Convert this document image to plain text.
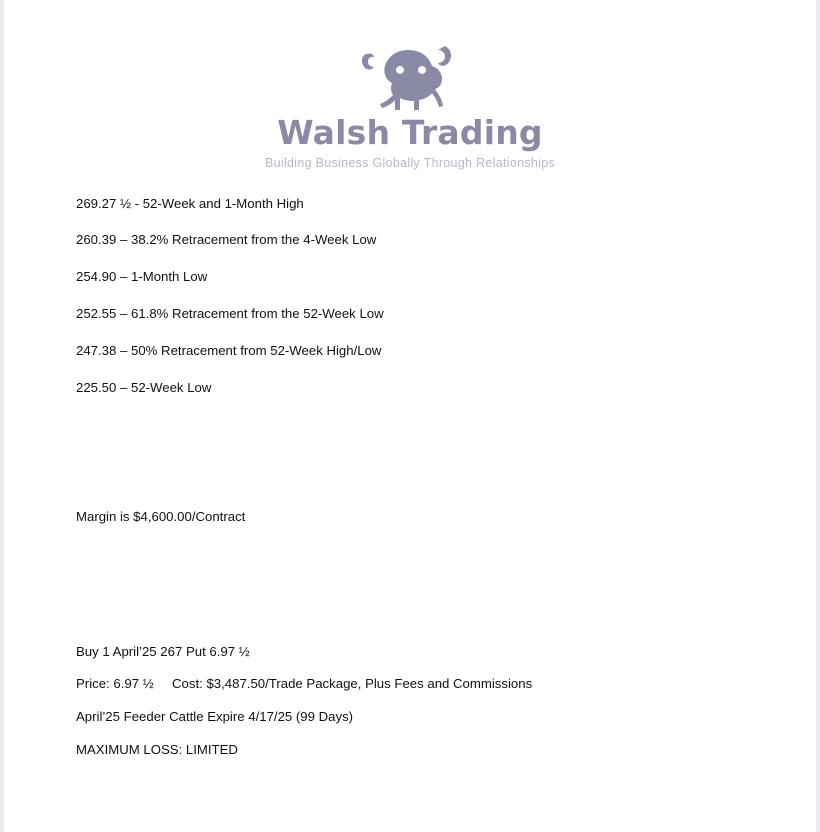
Walsh Trading
Building Business Globally Through Relationships

269.27 ½ - 52-Week and 1-Month High

260.39 – 38.2% Retracement from the 4-Week Low

254.90 – 1-Month Low

252.55 – 61.8% Retracement from the 52-Week Low

247.38 – 50% Retracement from 52-Week High/Low

225.50 – 52-Week Low

Margin is $4,600.00/Contract

Buy 1 April’25 267 Put 6.97 ½

Price: 6.97 ½     Cost: $3,487.50/Trade Package, Plus Fees and Commissions

April’25 Feeder Cattle Expire 4/17/25 (99 Days)

MAXIMUM LOSS: LIMITED
